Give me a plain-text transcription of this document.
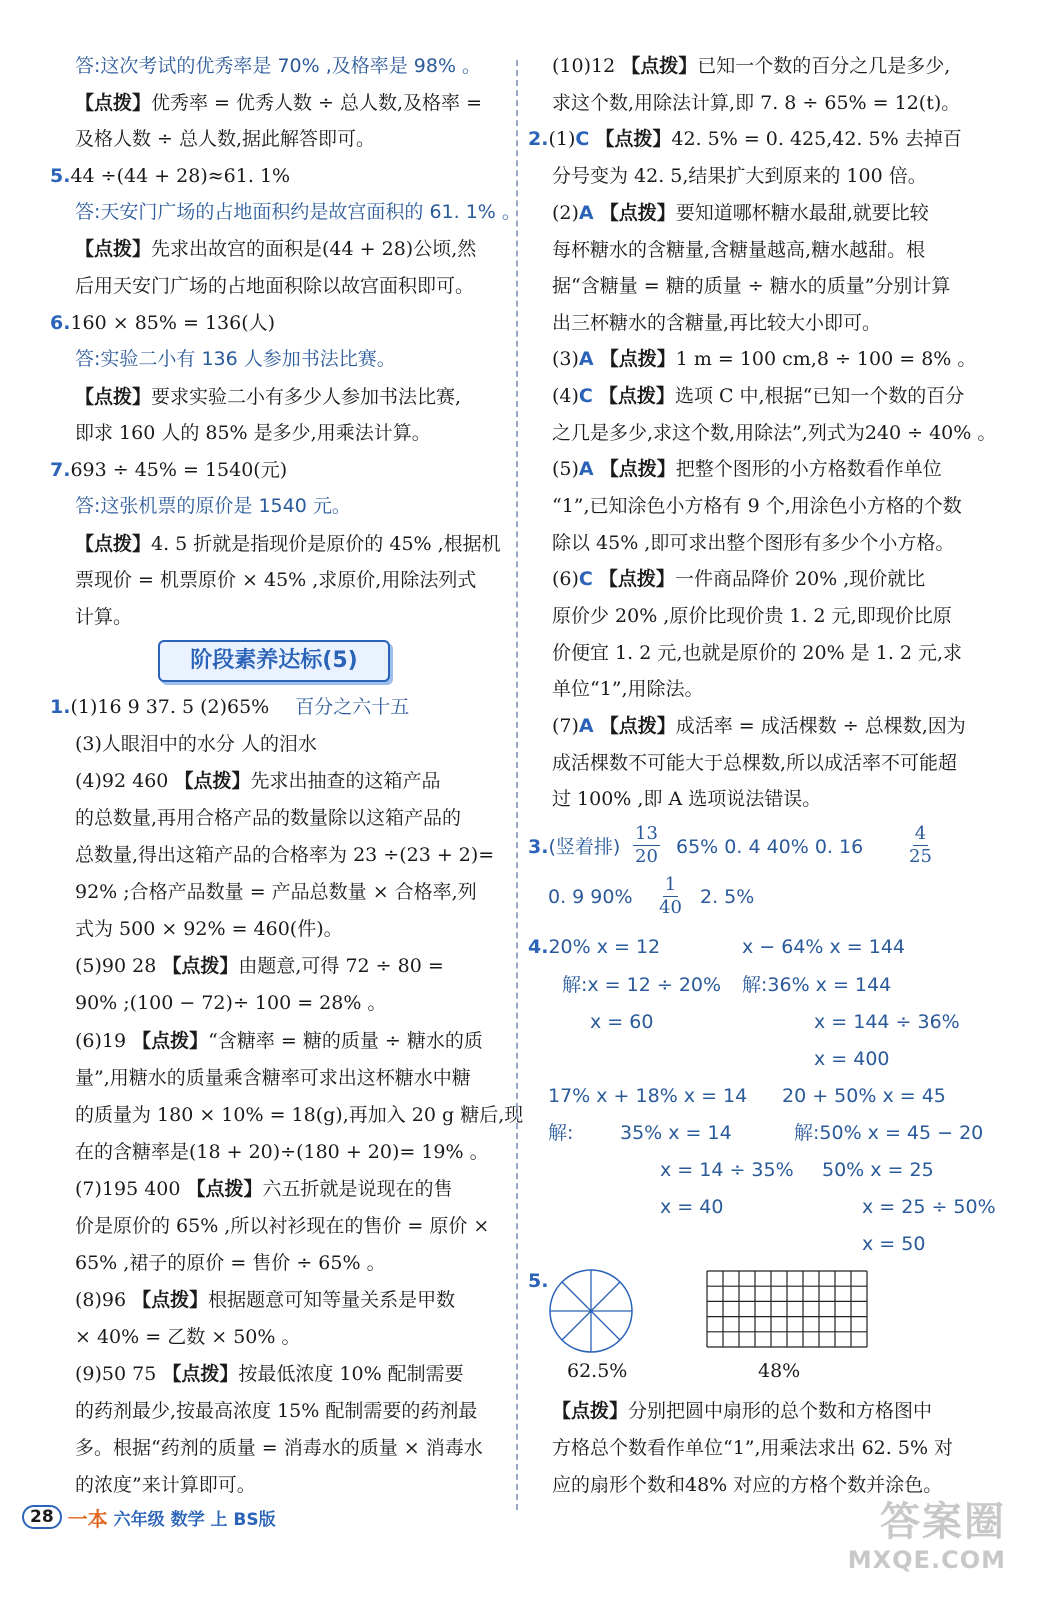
答:这次考试的优秀率是 70% ,及格率是 98% 。
【点拨】优秀率 = 优秀人数 ÷ 总人数,及格率 =
及格人数 ÷ 总人数,据此解答即可。
5.44 ÷(44 + 28)≈61. 1%
答:天安门广场的占地面积约是故宫面积的 61. 1% 。
【点拨】先求出故宫的面积是(44 + 28)公顷,然
后用天安门广场的占地面积除以故宫面积即可。
6.160 × 85% = 136(人)
答:实验二小有 136 人参加书法比赛。
【点拨】要求实验二小有多少人参加书法比赛,
即求 160 人的 85% 是多少,用乘法计算。
7.693 ÷ 45% = 1540(元)
答:这张机票的原价是 1540 元。
【点拨】4. 5 折就是指现价是原价的 45% ,根据机
票现价 = 机票原价 × 45% ,求原价,用除法列式
计算。
阶段素养达标(5)
1.(1)16 9 37. 5 (2)65% 百分之六十五
(3)人眼泪中的水分 人的泪水
(4)92 460 【点拨】先求出抽查的这箱产品
的总数量,再用合格产品的数量除以这箱产品的
总数量,得出这箱产品的合格率为 23 ÷(23 + 2)=
92% ;合格产品数量 = 产品总数量 × 合格率,列
式为 500 × 92% = 460(件)。
(5)90 28 【点拨】由题意,可得 72 ÷ 80 =
90% ;(100 − 72)÷ 100 = 28% 。
(6)19 【点拨】“含糖率 = 糖的质量 ÷ 糖水的质
量”,用糖水的质量乘含糖率可求出这杯糖水中糖
的质量为 180 × 10% = 18(g),再加入 20 g 糖后,现
在的含糖率是(18 + 20)÷(180 + 20)= 19% 。
(7)195 400 【点拨】六五折就是说现在的售
价是原价的 65% ,所以衬衫现在的售价 = 原价 ×
65% ,裙子的原价 = 售价 ÷ 65% 。
(8)96 【点拨】根据题意可知等量关系是甲数
× 40% = 乙数 × 50% 。
(9)50 75 【点拨】按最低浓度 10% 配制需要
的药剂最少,按最高浓度 15% 配制需要的药剂最
多。根据“药剂的质量 = 消毒水的质量 × 消毒水
的浓度”来计算即可。
(10)12 【点拨】已知一个数的百分之几是多少,
求这个数,用除法计算,即 7. 8 ÷ 65% = 12(t)。
2.(1)C 【点拨】42. 5% = 0. 425,42. 5% 去掉百
分号变为 42. 5,结果扩大到原来的 100 倍。
(2)A 【点拨】要知道哪杯糖水最甜,就要比较
每杯糖水的含糖量,含糖量越高,糖水越甜。根
据“含糖量 = 糖的质量 ÷ 糖水的质量”分别计算
出三杯糖水的含糖量,再比较大小即可。
(3)A 【点拨】1 m = 100 cm,8 ÷ 100 = 8% 。
(4)C 【点拨】选项 C 中,根据“已知一个数的百分
之几是多少,求这个数,用除法”,列式为240 ÷ 40% 。
(5)A 【点拨】把整个图形的小方格数看作单位
“1”,已知涂色小方格有 9 个,用涂色小方格的个数
除以 45% ,即可求出整个图形有多少个小方格。
(6)C 【点拨】一件商品降价 20% ,现价就比
原价少 20% ,原价比现价贵 1. 2 元,即现价比原
价便宜 1. 2 元,也就是原价的 20% 是 1. 2 元,求
单位“1”,用除法。
(7)A 【点拨】成活率 = 成活棵数 ÷ 总棵数,因为
成活棵数不可能大于总棵数,所以成活率不可能超
过 100% ,即 A 选项说法错误。
3.(竖着排) $\frac{13}{20} 65\%$ 0. 4 40% 0. 16	$\frac{4}{25}$
0. 9 $90\% \frac{1}{40} 2$. 5%
4.20% x = 12	x − 64% x = 144
解:x = 12 ÷ 20% 解:36% x = 144
x = 60	x = 144 ÷ 36%
x = 400
17% x + 18% x = 14 20 + 50% x = 45
解: 35% x = 14	解:50% x = 45 − 20
x = 14 ÷ 35% 50% x = 25
x = 40	x = 25 ÷ 50%
x = 50
5.
62.5%	48%
【点拨】分别把圆中扇形的总个数和方格图中
方格总个数看作单位“1”,用乘法求出 62. 5% 对
应的扇形个数和48% 对应的方格个数并涂色。
28 一本 六年级 数学 上 BS版	答案圈
MXQE.COM
